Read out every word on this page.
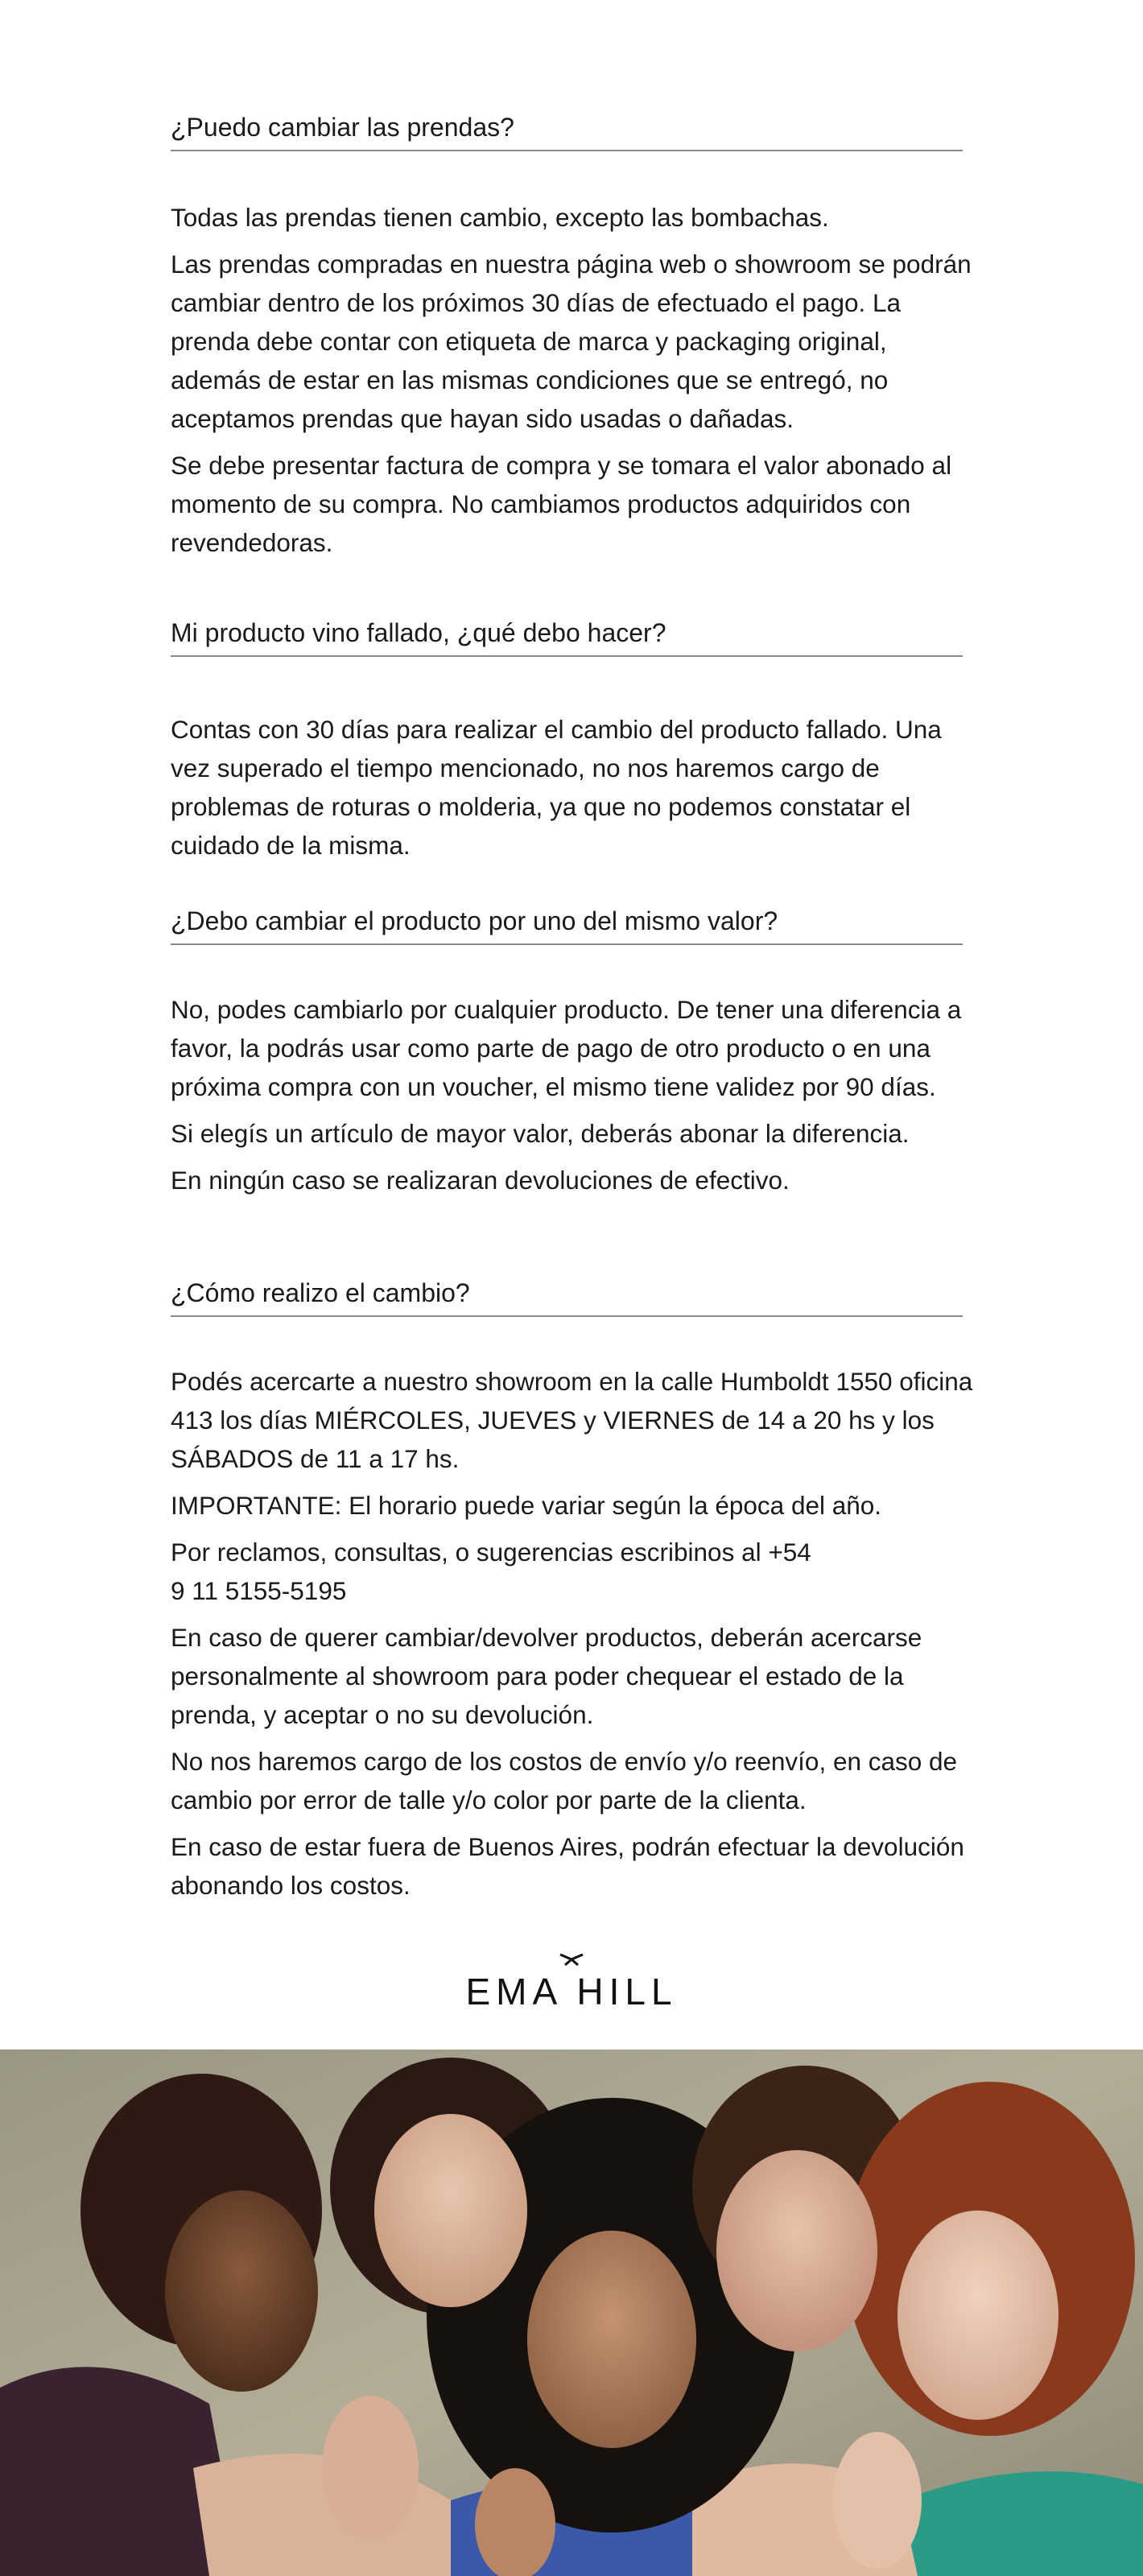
¿Puedo cambiar las prendas?

Todas las prendas tienen cambio, excepto las bombachas.

Las prendas compradas en nuestra página web o showroom se podrán cambiar dentro de los próximos 30 días de efectuado el pago. La prenda debe contar con etiqueta de marca y packaging original, además de estar en las mismas condiciones que se entregó, no aceptamos prendas que hayan sido usadas o dañadas.

Se debe presentar factura de compra y se tomara el valor abonado al momento de su compra. No cambiamos productos adquiridos con revendedoras.

Mi producto vino fallado, ¿qué debo hacer?

Contas con 30 días para realizar el cambio del producto fallado. Una vez superado el tiempo mencionado, no nos haremos cargo de problemas de roturas o molderia, ya que no podemos constatar el cuidado de la misma.

¿Debo cambiar el producto por uno del mismo valor?

No, podes cambiarlo por cualquier producto. De tener una diferencia a favor, la podrás usar como parte de pago de otro producto o en una próxima compra con un voucher, el mismo tiene validez por 90 días.

Si elegís un artículo de mayor valor, deberás abonar la diferencia.

En ningún caso se realizaran devoluciones de efectivo.

¿Cómo realizo el cambio?

Podés acercarte a nuestro showroom en la calle Humboldt 1550 oficina 413 los días MIÉRCOLES, JUEVES y VIERNES de 14 a 20 hs y los SÁBADOS de 11 a 17 hs.

IMPORTANTE: El horario puede variar según la época del año.

Por reclamos, consultas, o sugerencias escribinos al +54 9 11 5155-5195

En caso de querer cambiar/devolver productos, deberán acercarse personalmente al showroom para poder chequear el estado de la prenda, y aceptar o no su devolución.

No nos haremos cargo de los costos de envío y/o reenvío, en caso de cambio por error de talle y/o color por parte de la clienta.

En caso de estar fuera de Buenos Aires, podrán efectuar la devolución abonando los costos.

EMA HILL
